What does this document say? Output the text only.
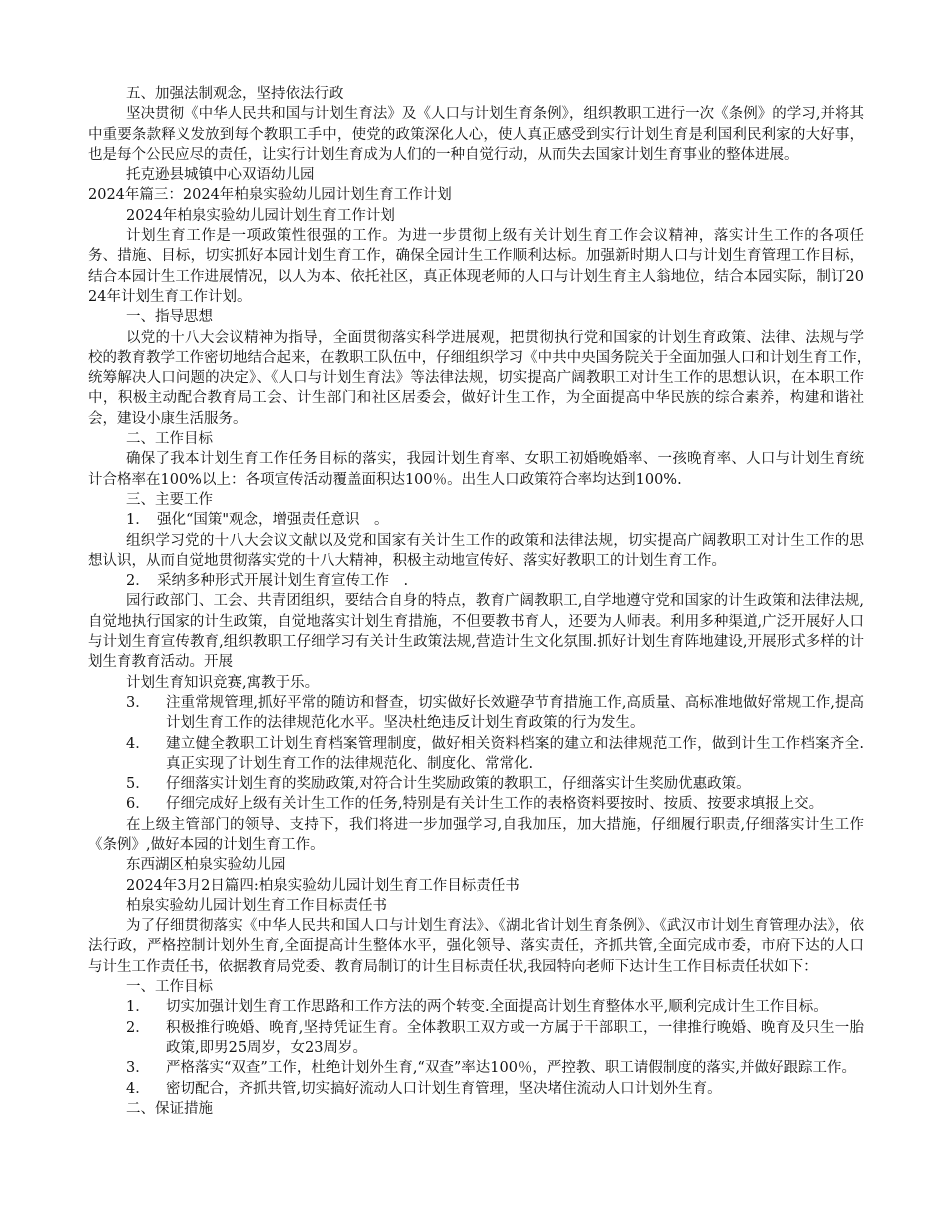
五、加强法制观念，坚持依法行政

坚决贯彻《中华人民共和国与计划生育法》及《人口与计划生育条例》，组织教职工进行一次《条例》的学习,并将其中重要条款释义发放到每个教职工手中，使党的政策深化人心，使人真正感受到实行计划生育是利国利民利家的大好事，也是每个公民应尽的责任，让实行计划生育成为人们的一种自觉行动，从而失去国家计划生育事业的整体进展。

托克逊县城镇中心双语幼儿园

2024年篇三：2024年柏泉实验幼儿园计划生育工作计划

2024年柏泉实验幼儿园计划生育工作计划

计划生育工作是一项政策性很强的工作。为进一步贯彻上级有关计划生育工作会议精神，落实计生工作的各项任务、措施、目标，切实抓好本园计划生育工作，确保全园计生工作顺利达标。加强新时期人口与计划生育管理工作目标，结合本园计生工作进展情况，以人为本、依托社区，真正体现老师的人口与计划生育主人翁地位，结合本园实际，制订2024年计划生育工作计划。

一、指导思想

以党的十八大会议精神为指导，全面贯彻落实科学进展观，把贯彻执行党和国家的计划生育政策、法律、法规与学校的教育教学工作密切地结合起来，在教职工队伍中，仔细组织学习《中共中央国务院关于全面加强人口和计划生育工作，　统筹解决人口问题的决定》、《人口与计划生育法》等法律法规，切实提高广阔教职工对计生工作的思想认识，在本职工作中，积极主动配合教育局工会、计生部门和社区居委会，做好计生工作，为全面提高中华民族的综合素养，构建和谐社会，建设小康生活服务。

二、工作目标

确保了我本计划生育工作任务目标的落实，我园计划生育率、女职工初婚晚婚率、一孩晚育率、人口与计划生育统计合格率在100%以上：各项宣传活动覆盖面积达100％。出生人口政策符合率均达到100%.

三、主要工作

1．　强化“国策"观念，增强责任意识　。

组织学习党的十八大会议文献以及党和国家有关计生工作的政策和法律法规，切实提高广阔教职工对计生工作的思想认识，从而自觉地贯彻落实党的十八大精神，积极主动地宣传好、落实好教职工的计划生育工作。

2．　采纳多种形式开展计划生育宣传工作　.

园行政部门、工会、共青团组织，要结合自身的特点，教育广阔教职工,自学地遵守党和国家的计生政策和法律法规,自觉地执行国家的计生政策，自觉地落实计划生育措施，不但要教书育人，还要为人师表。利用多种渠道,广泛开展好人口与计划生育宣传教育,组织教职工仔细学习有关计生政策法规,营造计生文化氛围.抓好计划生育阵地建设,开展形式多样的计划生育教育活动。开展

计划生育知识竞赛,寓教于乐。

3． 注重常规管理,抓好平常的随访和督查，切实做好长效避孕节育措施工作,高质量、高标准地做好常规工作,提高计划生育工作的法律规范化水平。坚决杜绝违反计划生育政策的行为发生。
4． 建立健全教职工计划生育档案管理制度，做好相关资料档案的建立和法律规范工作，做到计生工作档案齐全.真正实现了计划生育工作的法律规范化、制度化、常常化.
5． 仔细落实计划生育的奖励政策,对符合计生奖励政策的教职工，仔细落实计生奖励优惠政策。
6． 仔细完成好上级有关计生工作的任务,特别是有关计生工作的表格资料要按时、按质、按要求填报上交。

在上级主管部门的领导、支持下，我们将进一步加强学习,自我加压，加大措施，仔细履行职责,仔细落实计生工作《条例》,做好本园的计划生育工作。

东西湖区柏泉实验幼儿园

2024年3月2日篇四:柏泉实验幼儿园计划生育工作目标责任书

柏泉实验幼儿园计划生育工作目标责任书

为了仔细贯彻落实《中华人民共和国人口与计划生育法》、《湖北省计划生育条例》、《武汉市计划生育管理办法》，依法行政，严格控制计划外生育,全面提高计生整体水平，强化领导、落实责任，齐抓共管,全面完成市委，市府下达的人口与计生工作责任书，依据教育局党委、教育局制订的计生目标责任状,我园特向老师下达计生工作目标责任状如下：

一、工作目标

1． 切实加强计划生育工作思路和工作方法的两个转变.全面提高计划生育整体水平,顺利完成计生工作目标。
2． 积极推行晚婚、晚育,坚持凭证生育。全体教职工双方或一方属于干部职工，一律推行晚婚、晚育及只生一胎政策,即男25周岁，女23周岁。
3． 严格落实“双查”工作，杜绝计划外生育,“双查”率达100％，严控教、职工请假制度的落实,并做好跟踪工作。
4． 密切配合，齐抓共管,切实搞好流动人口计划生育管理，坚决堵住流动人口计划外生育。

二、保证措施
